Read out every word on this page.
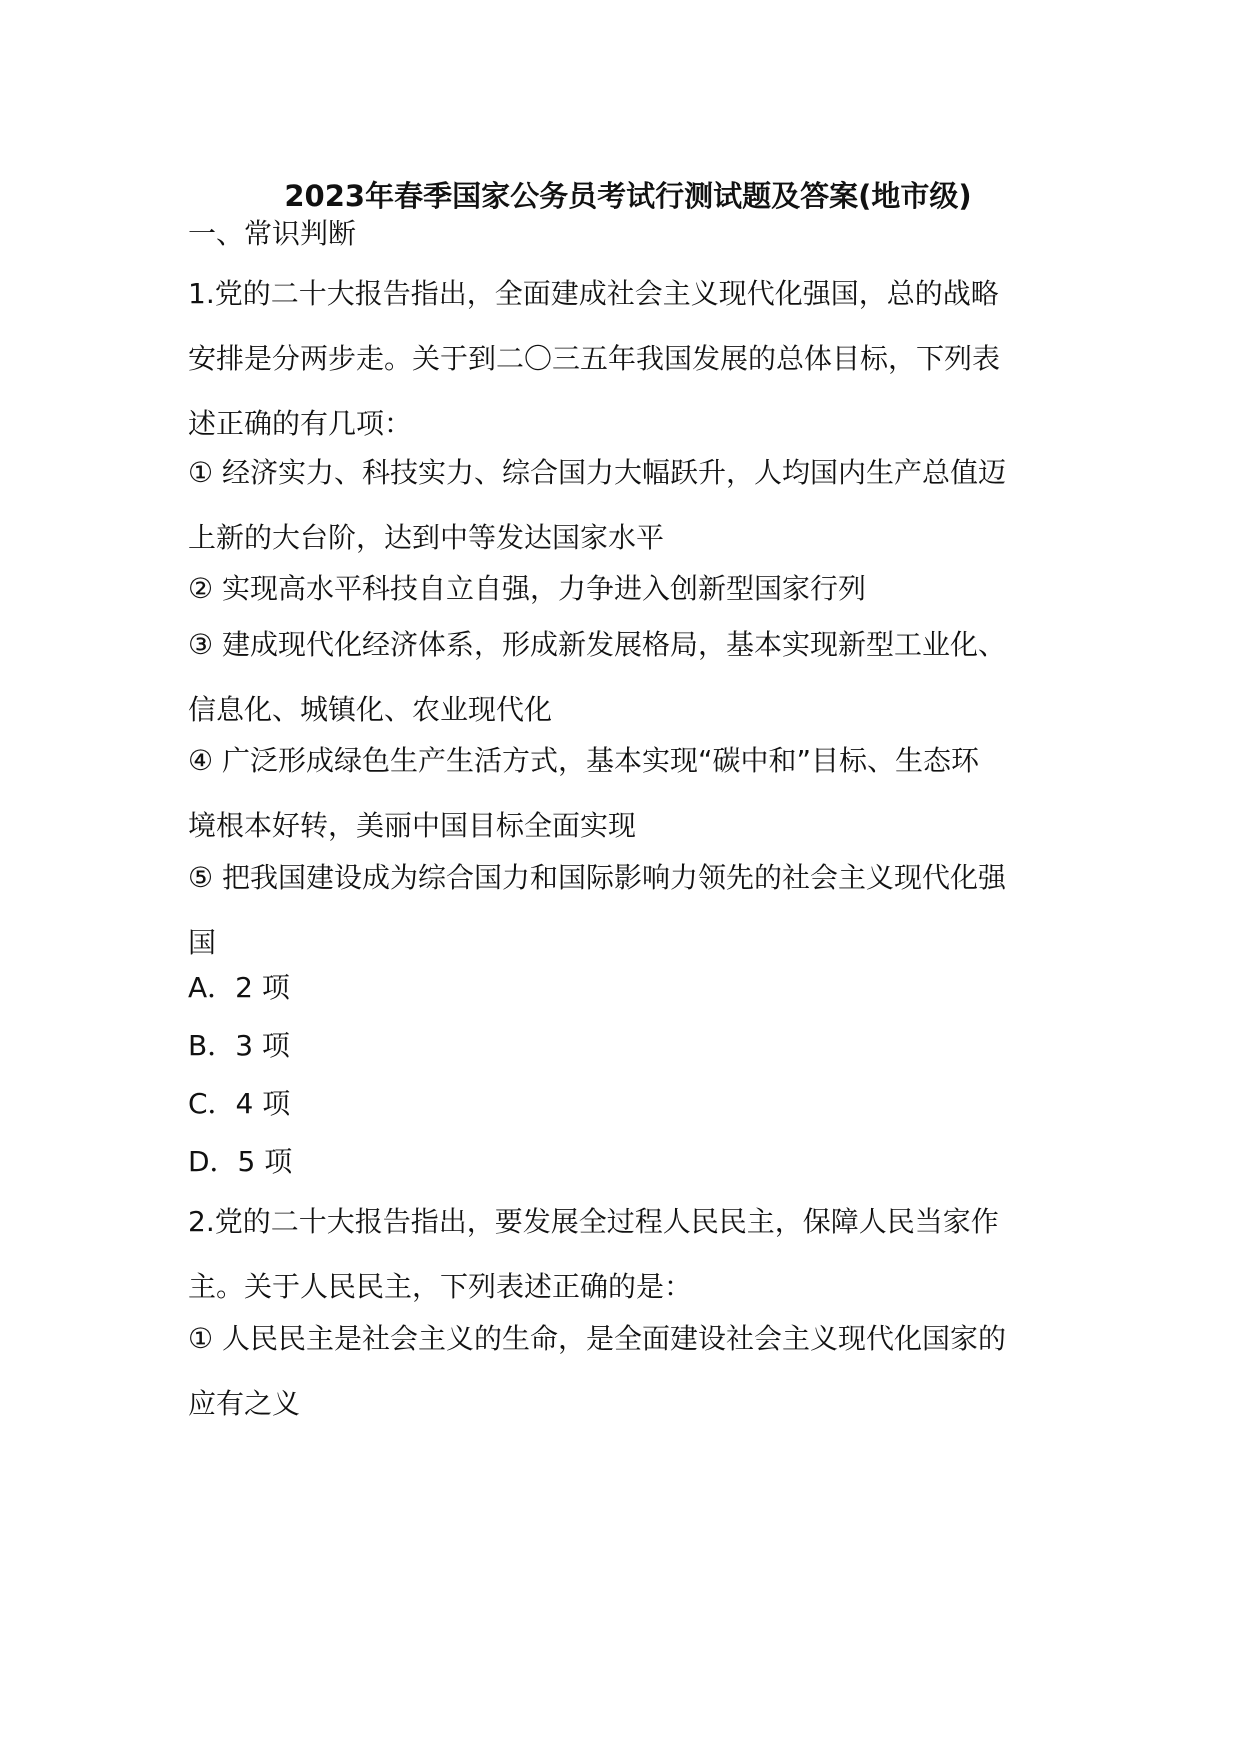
2023年春季国家公务员考试行测试题及答案(地市级)
一、常识判断
1.党的二十大报告指出，全面建成社会主义现代化强国，总的战略
安排是分两步走。关于到二〇三五年我国发展的总体目标，下列表
述正确的有几项：
① 经济实力、科技实力、综合国力大幅跃升，人均国内生产总值迈
上新的大台阶，达到中等发达国家水平
② 实现高水平科技自立自强，力争进入创新型国家行列
③ 建成现代化经济体系，形成新发展格局，基本实现新型工业化、
信息化、城镇化、农业现代化
④ 广泛形成绿色生产生活方式，基本实现“碳中和”目标、生态环
境根本好转，美丽中国目标全面实现
⑤ 把我国建设成为综合国力和国际影响力领先的社会主义现代化强
国
A．2 项
B．3 项
C．4 项
D．5 项
2.党的二十大报告指出，要发展全过程人民民主，保障人民当家作
主。关于人民民主，下列表述正确的是：
① 人民民主是社会主义的生命，是全面建设社会主义现代化国家的
应有之义
